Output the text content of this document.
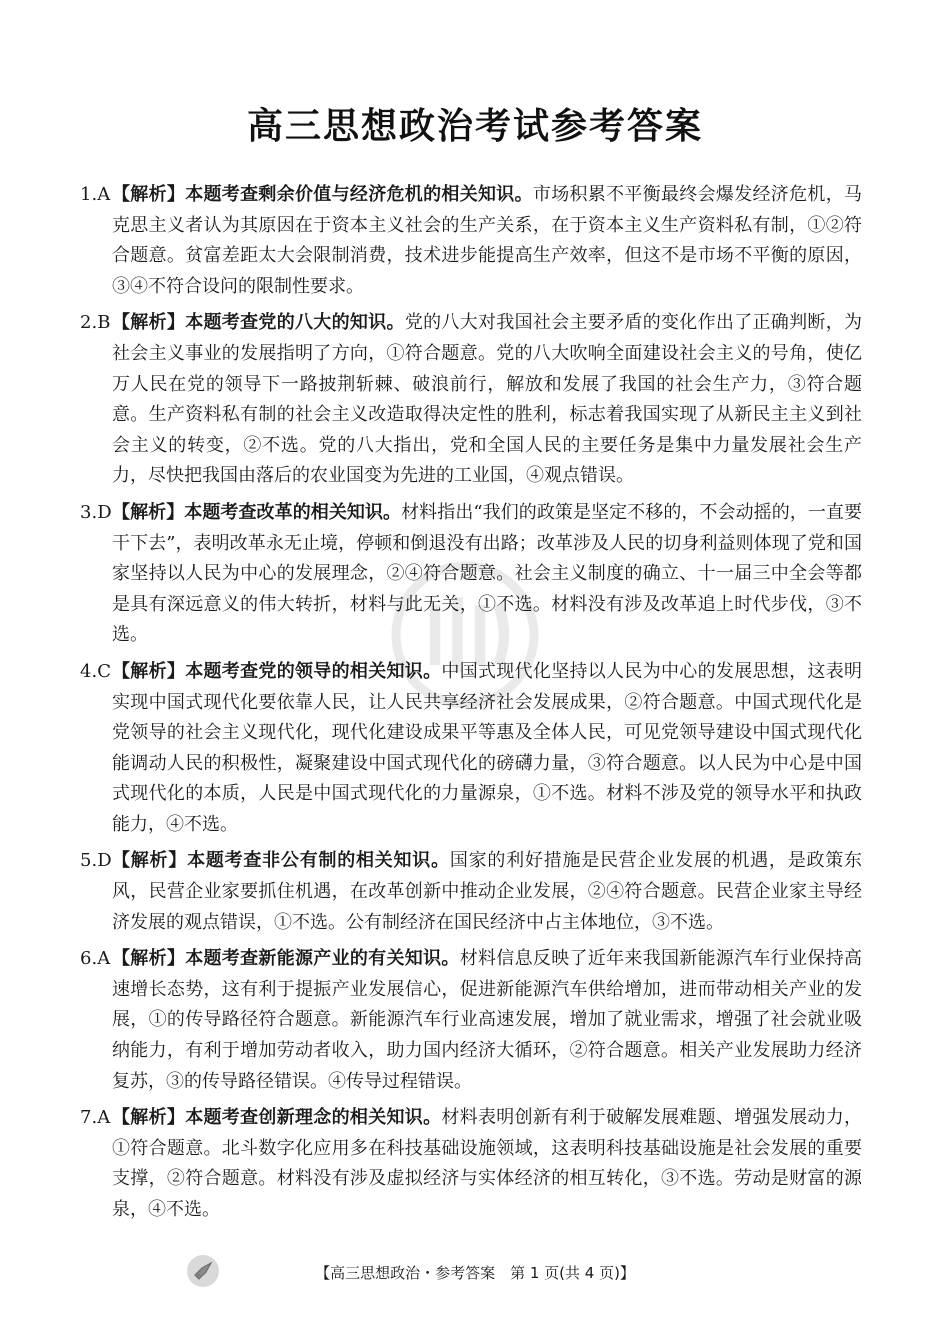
高三思想政治考试参考答案
1.A 【解析】本题考查剩余价值与经济危机的相关知识。市场积累不平衡最终会爆发经济危机，马克思主义者认为其原因在于资本主义社会的生产关系，在于资本主义生产资料私有制，①②符合题意。贫富差距太大会限制消费，技术进步能提高生产效率，但这不是市场不平衡的原因，③④不符合设问的限制性要求。
2.B 【解析】本题考查党的八大的知识。党的八大对我国社会主要矛盾的变化作出了正确判断，为社会主义事业的发展指明了方向，①符合题意。党的八大吹响全面建设社会主义的号角，使亿万人民在党的领导下一路披荆斩棘、破浪前行，解放和发展了我国的社会生产力，③符合题意。生产资料私有制的社会主义改造取得决定性的胜利，标志着我国实现了从新民主主义到社会主义的转变，②不选。党的八大指出，党和全国人民的主要任务是集中力量发展社会生产力，尽快把我国由落后的农业国变为先进的工业国，④观点错误。
3.D 【解析】本题考查改革的相关知识。材料指出“我们的政策是坚定不移的，不会动摇的，一直要干下去”，表明改革永无止境，停顿和倒退没有出路；改革涉及人民的切身利益则体现了党和国家坚持以人民为中心的发展理念，②④符合题意。社会主义制度的确立、十一届三中全会等都是具有深远意义的伟大转折，材料与此无关，①不选。材料没有涉及改革追上时代步伐，③不选。
4.C 【解析】本题考查党的领导的相关知识。中国式现代化坚持以人民为中心的发展思想，这表明实现中国式现代化要依靠人民，让人民共享经济社会发展成果，②符合题意。中国式现代化是党领导的社会主义现代化，现代化建设成果平等惠及全体人民，可见党领导建设中国式现代化能调动人民的积极性，凝聚建设中国式现代化的磅礴力量，③符合题意。以人民为中心是中国式现代化的本质，人民是中国式现代化的力量源泉，①不选。材料不涉及党的领导水平和执政能力，④不选。
5.D 【解析】本题考查非公有制的相关知识。国家的利好措施是民营企业发展的机遇，是政策东风，民营企业家要抓住机遇，在改革创新中推动企业发展，②④符合题意。民营企业家主导经济发展的观点错误，①不选。公有制经济在国民经济中占主体地位，③不选。
6.A 【解析】本题考查新能源产业的有关知识。材料信息反映了近年来我国新能源汽车行业保持高速增长态势，这有利于提振产业发展信心，促进新能源汽车供给增加，进而带动相关产业的发展，①的传导路径符合题意。新能源汽车行业高速发展，增加了就业需求，增强了社会就业吸纳能力，有利于增加劳动者收入，助力国内经济大循环，②符合题意。相关产业发展助力经济复苏，③的传导路径错误。④传导过程错误。
7.A 【解析】本题考查创新理念的相关知识。材料表明创新有利于破解发展难题、增强发展动力，①符合题意。北斗数字化应用多在科技基础设施领域，这表明科技基础设施是社会发展的重要支撑，②符合题意。材料没有涉及虚拟经济与实体经济的相互转化，③不选。劳动是财富的源泉，④不选。
【高三思想政治・参考答案　第 1 页(共 4 页)】
